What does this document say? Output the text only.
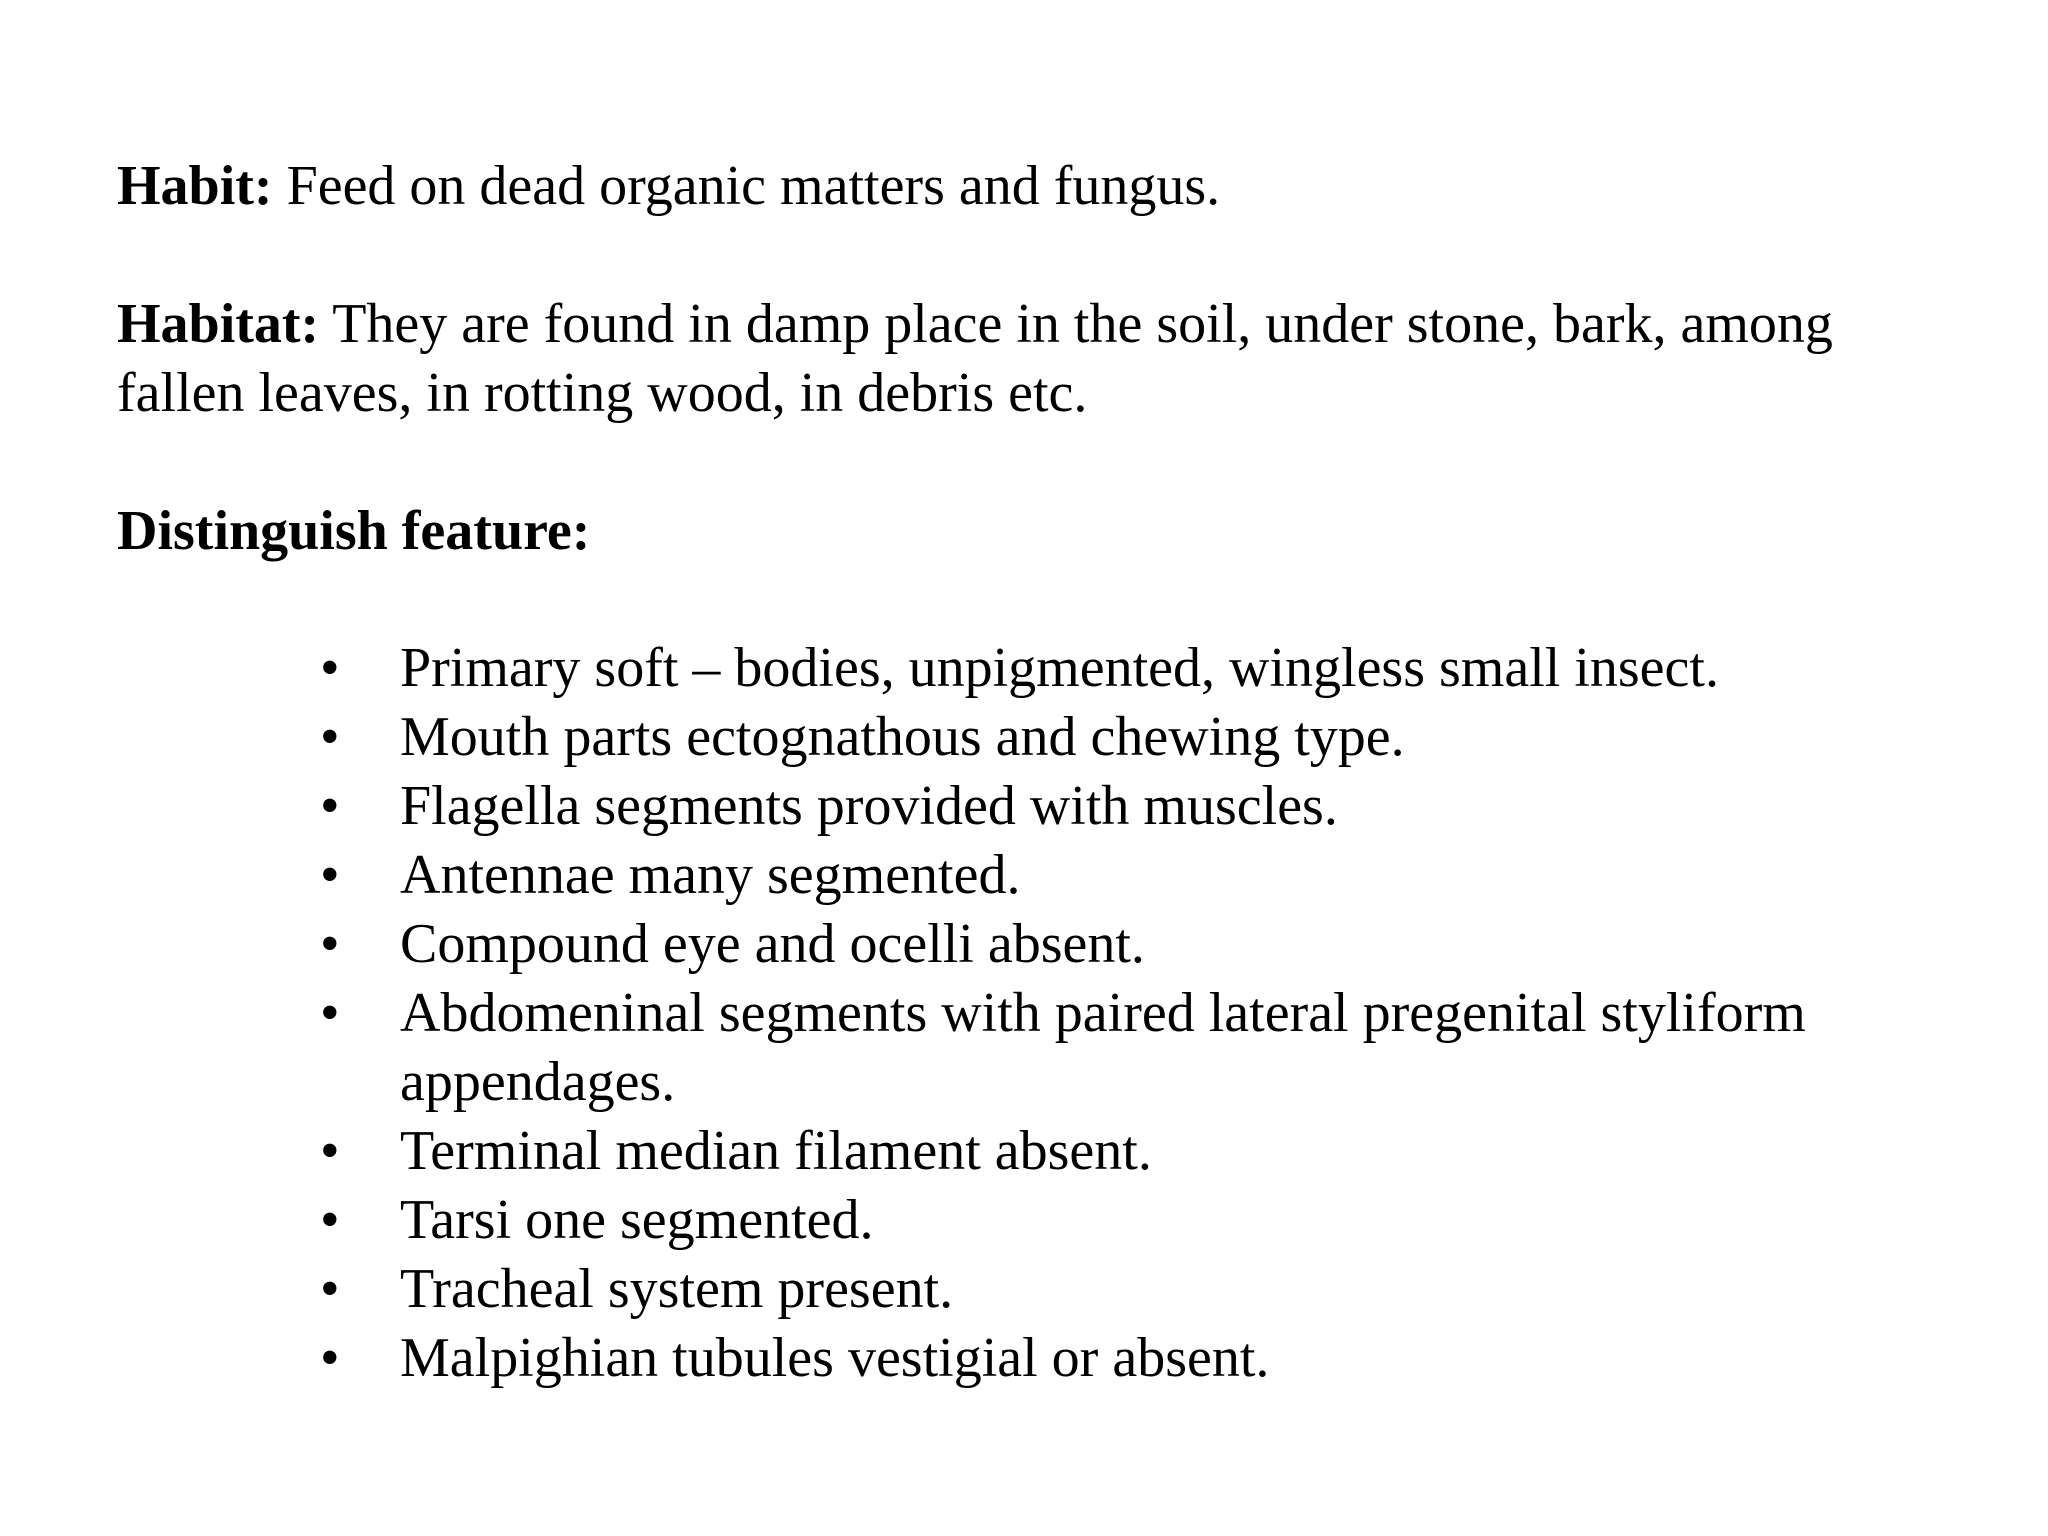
Habit: Feed on dead organic matters and fungus.

Habitat: They are found in damp place in the soil, under stone, bark, among fallen leaves, in rotting wood, in debris etc.

Distinguish feature:

•	Primary soft – bodies, unpigmented, wingless small insect.
•	Mouth parts ectognathous and chewing type.
•	Flagella segments provided with muscles.
•	Antennae many segmented.
•	Compound eye and ocelli absent.
•	Abdomeninal segments with paired lateral pregenital styliform appendages.
•	Terminal median filament absent.
•	Tarsi one segmented.
•	Tracheal system present.
•	Malpighian tubules vestigial or absent.
